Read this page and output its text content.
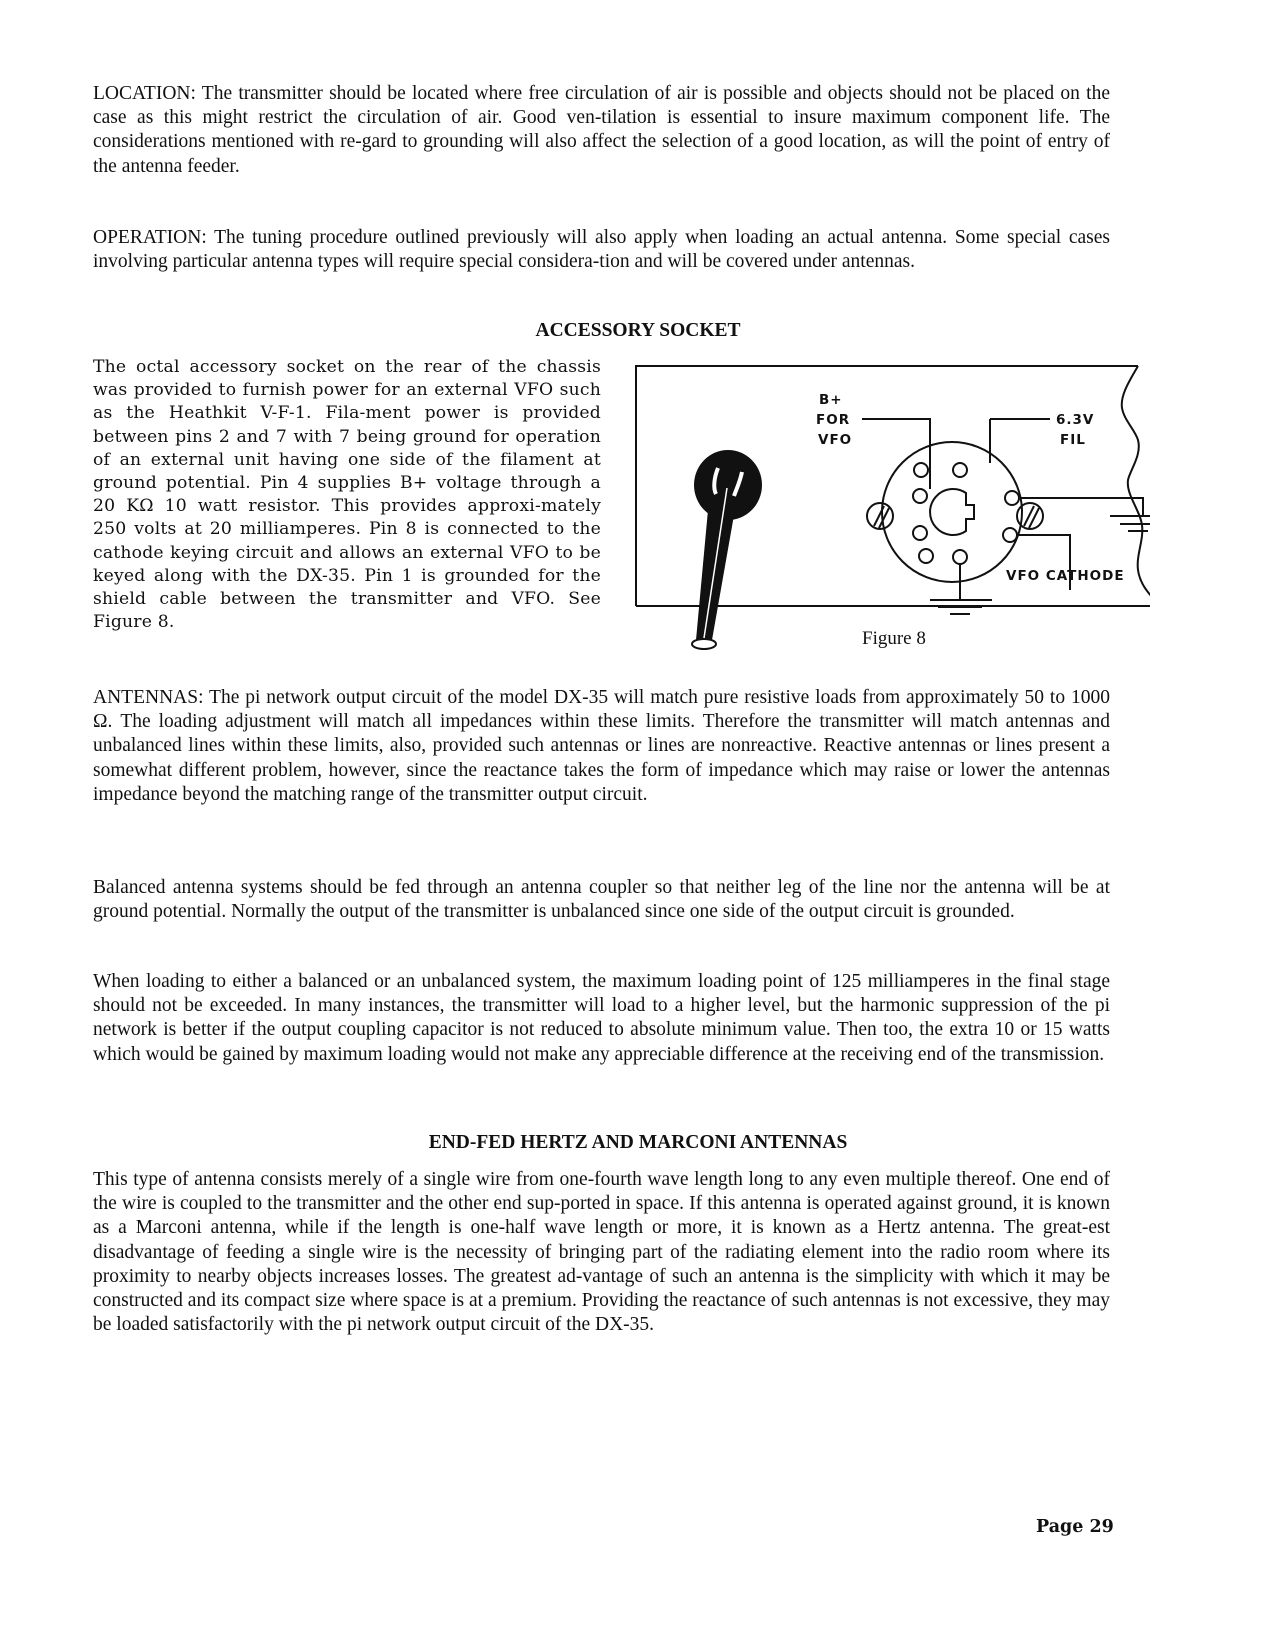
LOCATION: The transmitter should be located where free circulation of air is possible and objects should not be placed on the case as this might restrict the circulation of air. Good ven-tilation is essential to insure maximum component life. The considerations mentioned with re-gard to grounding will also affect the selection of a good location, as will the point of entry of the antenna feeder.

OPERATION: The tuning procedure outlined previously will also apply when loading an actual antenna. Some special cases involving particular antenna types will require special considera-tion and will be covered under antennas.

ACCESSORY SOCKET

The octal accessory socket on the rear of the chassis was provided to furnish power for an external VFO such as the Heathkit V-F-1. Fila-ment power is provided between pins 2 and 7 with 7 being ground for operation of an external unit having one side of the filament at ground potential. Pin 4 supplies B+ voltage through a 20 KΩ 10 watt resistor. This provides approxi-mately 250 volts at 20 milliamperes. Pin 8 is connected to the cathode keying circuit and allows an external VFO to be keyed along with the DX-35. Pin 1 is grounded for the shield cable between the transmitter and VFO. See Figure 8.

B+
FOR
VFO
6.3V
FIL
VFO CATHODE

Figure 8

ANTENNAS: The pi network output circuit of the model DX-35 will match pure resistive loads from approximately 50 to 1000 Ω. The loading adjustment will match all impedances within these limits. Therefore the transmitter will match antennas and unbalanced lines within these limits, also, provided such antennas or lines are nonreactive. Reactive antennas or lines present a somewhat different problem, however, since the reactance takes the form of impedance which may raise or lower the antennas impedance beyond the matching range of the transmitter output circuit.

Balanced antenna systems should be fed through an antenna coupler so that neither leg of the line nor the antenna will be at ground potential. Normally the output of the transmitter is unbalanced since one side of the output circuit is grounded.

When loading to either a balanced or an unbalanced system, the maximum loading point of 125 milliamperes in the final stage should not be exceeded. In many instances, the transmitter will load to a higher level, but the harmonic suppression of the pi network is better if the output coupling capacitor is not reduced to absolute minimum value. Then too, the extra 10 or 15 watts which would be gained by maximum loading would not make any appreciable difference at the receiving end of the transmission.

END-FED HERTZ AND MARCONI ANTENNAS

This type of antenna consists merely of a single wire from one-fourth wave length long to any even multiple thereof. One end of the wire is coupled to the transmitter and the other end sup-ported in space. If this antenna is operated against ground, it is known as a Marconi antenna, while if the length is one-half wave length or more, it is known as a Hertz antenna. The great-est disadvantage of feeding a single wire is the necessity of bringing part of the radiating element into the radio room where its proximity to nearby objects increases losses. The greatest ad-vantage of such an antenna is the simplicity with which it may be constructed and its compact size where space is at a premium. Providing the reactance of such antennas is not excessive, they may be loaded satisfactorily with the pi network output circuit of the DX-35.

Page 29
